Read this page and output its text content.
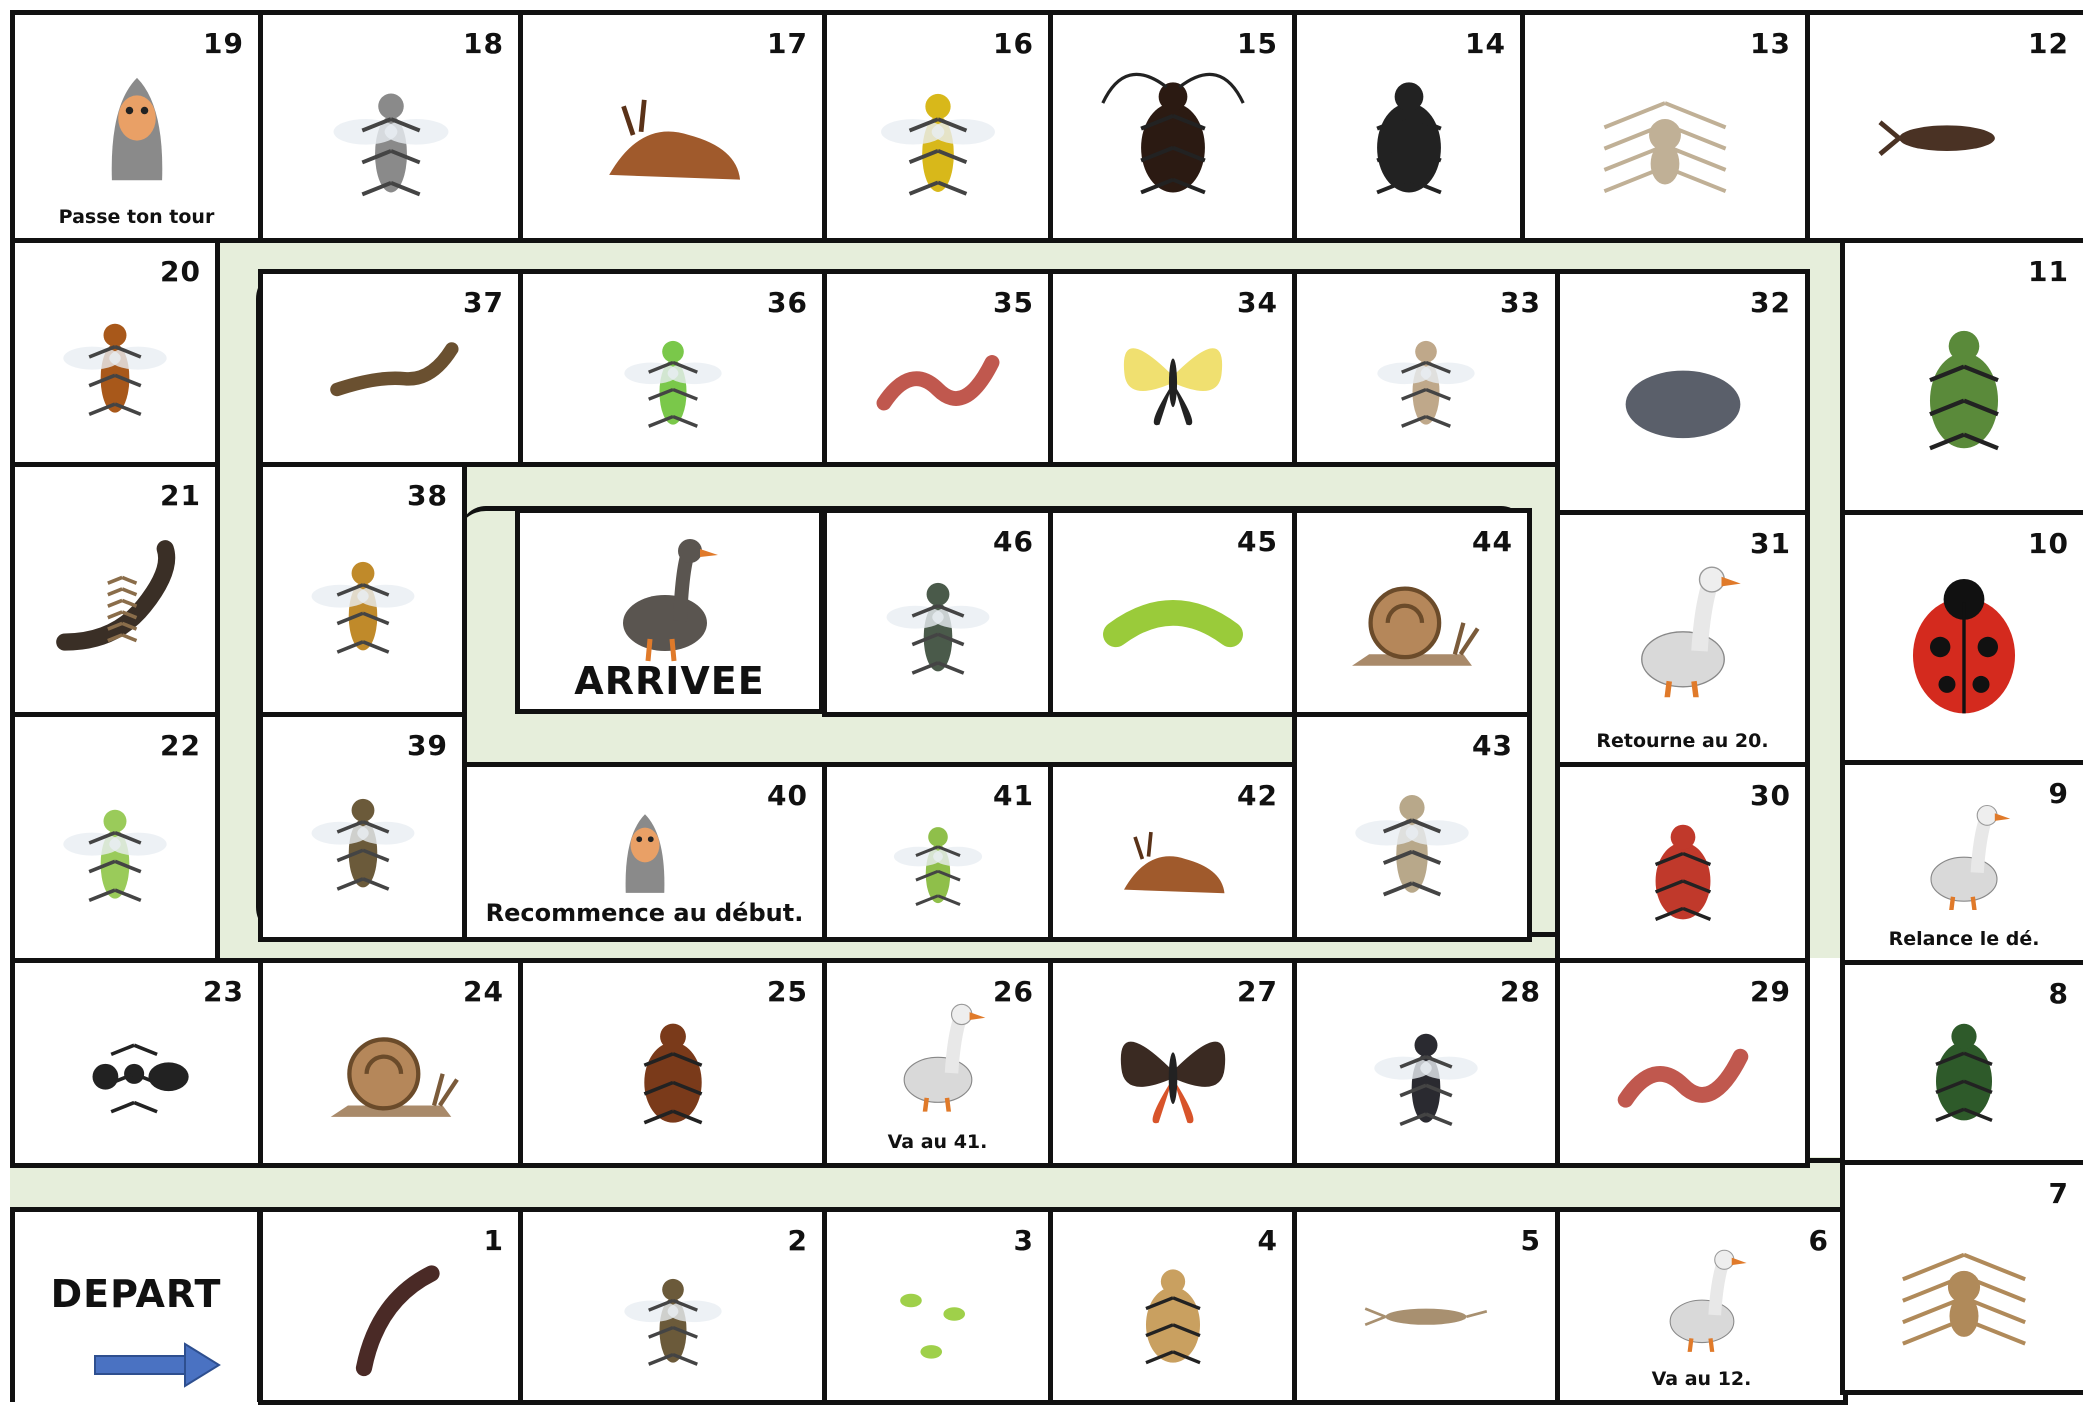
1	2	3	4	5	6
Va au 12.
7
8
9
Relance le dé.
10
11
12
13
14
15
16
17
18
19
Passe ton tour
20
21
22
23	24	25	26
Va au 41.
27	28	29
30
31
Retourne au 20.
32
33
34
35
36
37
38
39
40
Recommence au début.
41	42
43
44
45
46
DEPART
ARRIVEE
